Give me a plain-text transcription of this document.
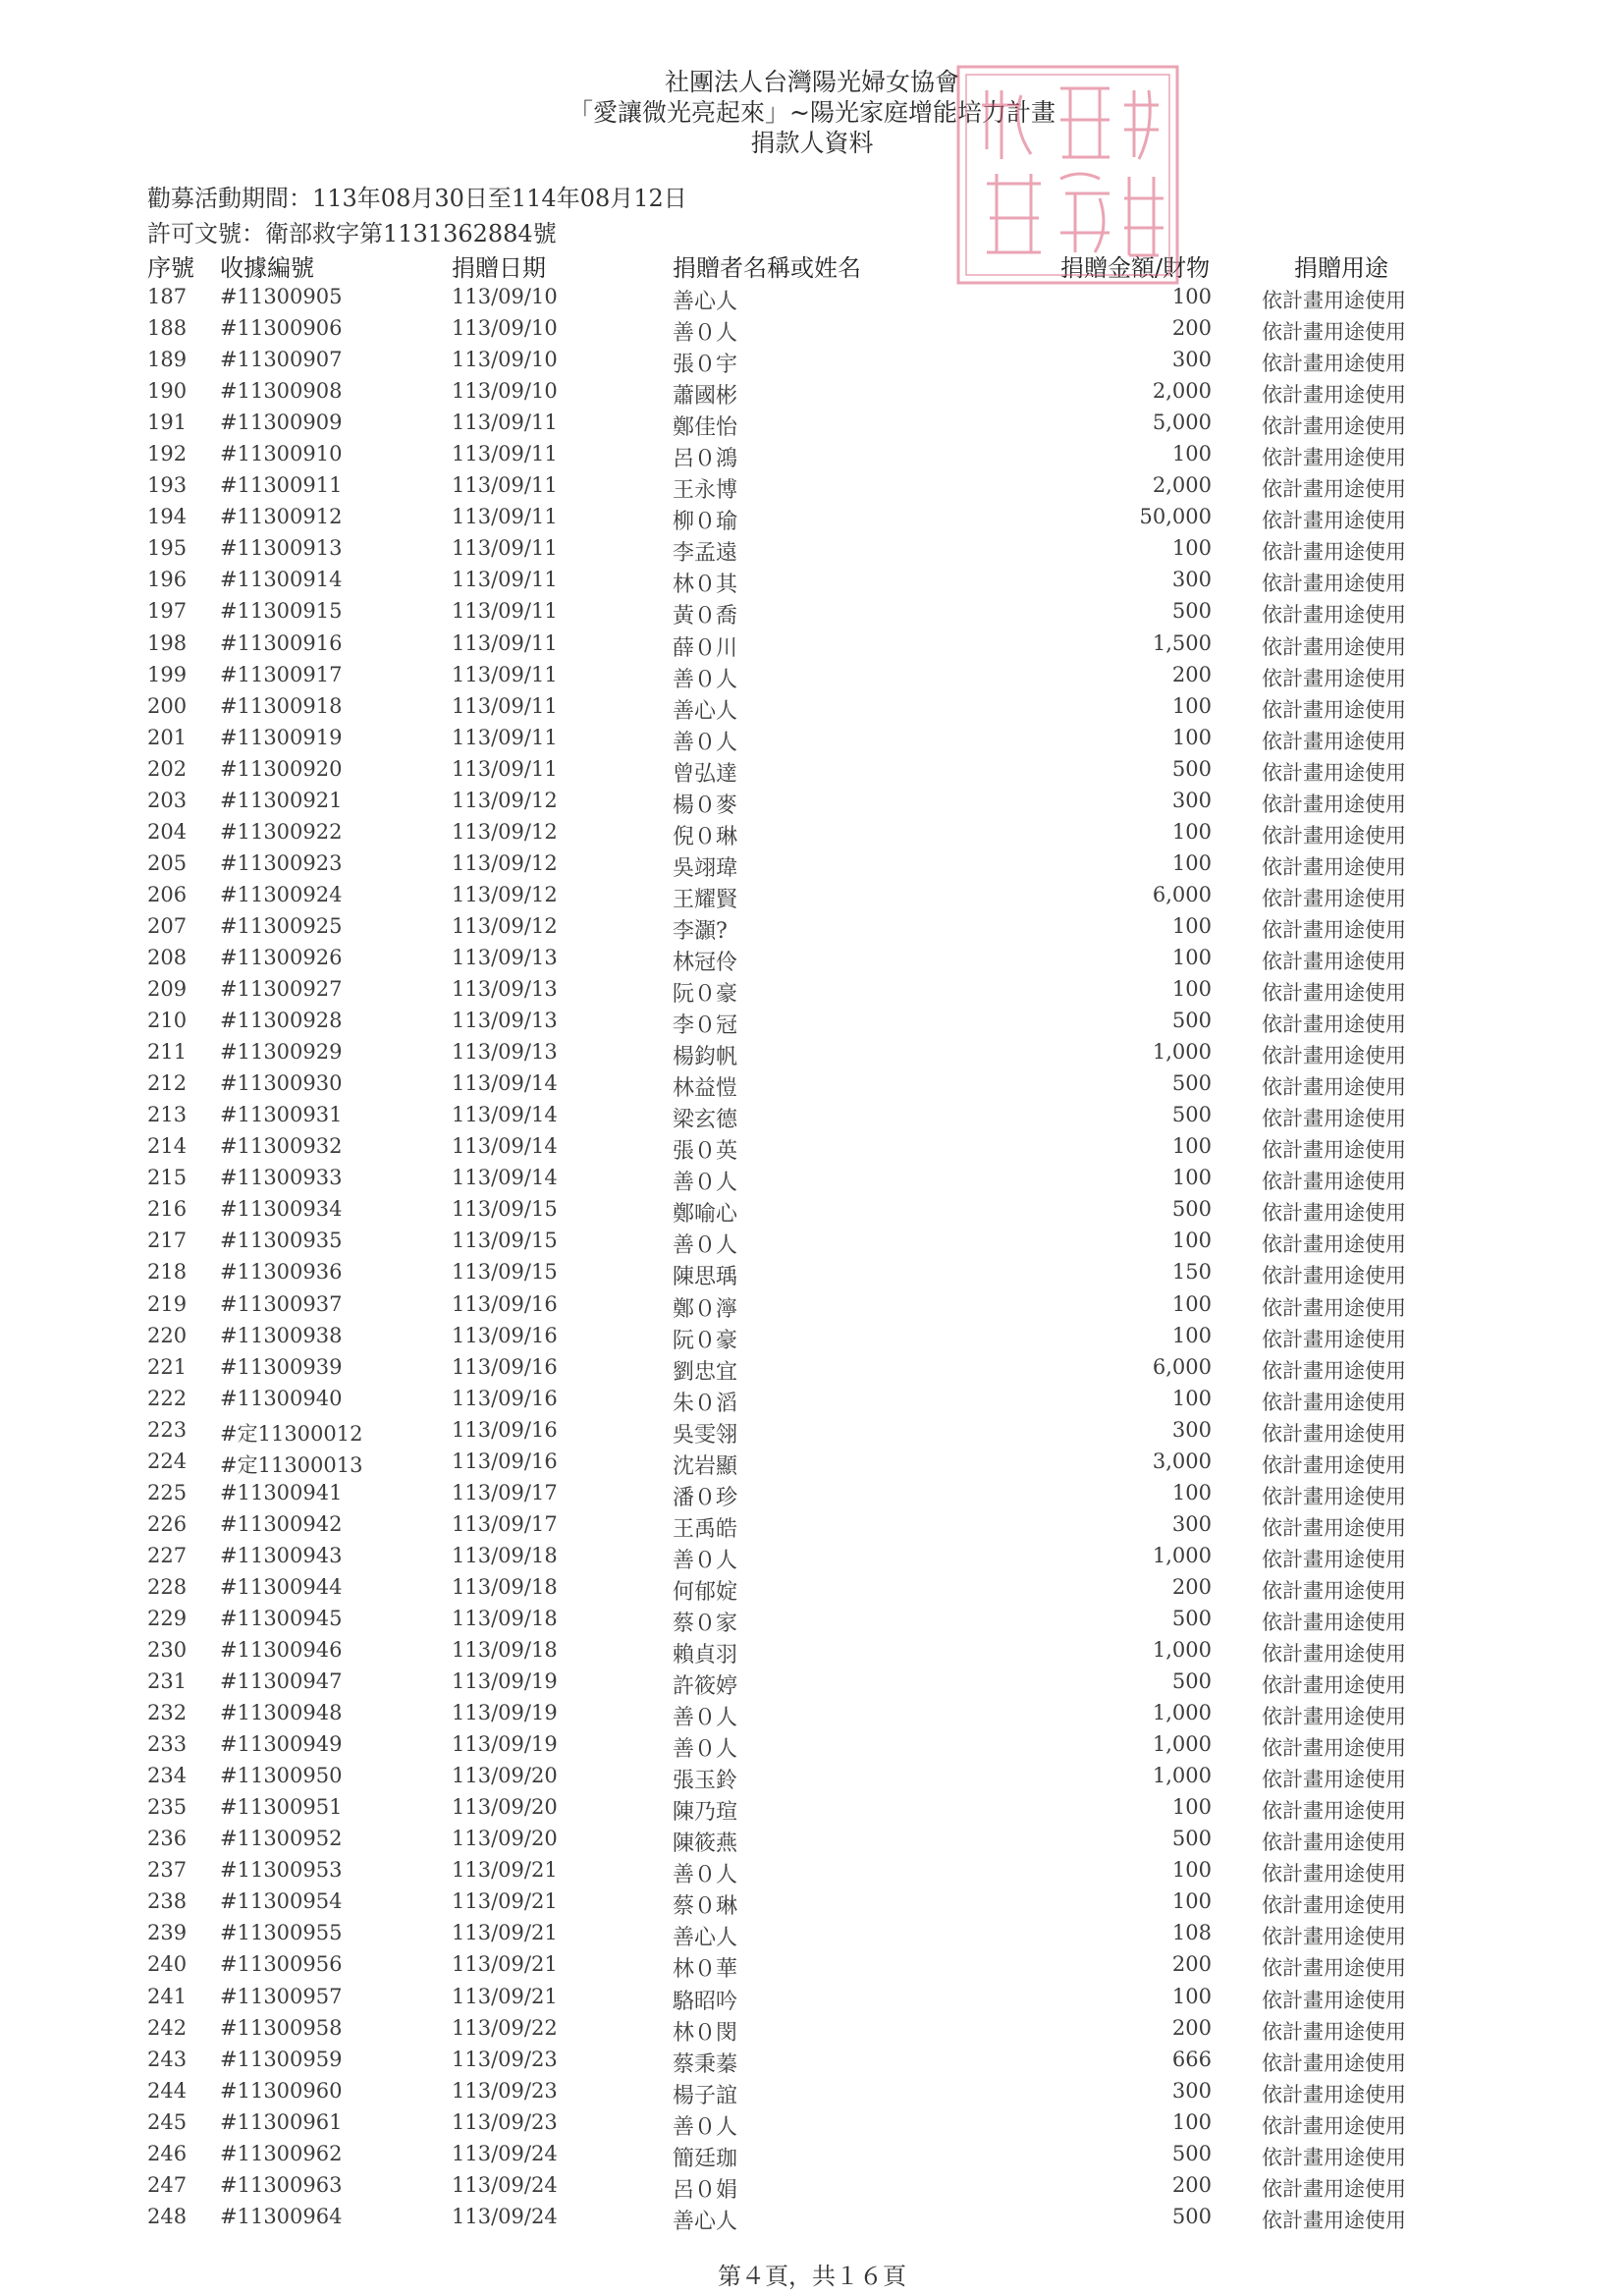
社團法人台灣陽光婦女協會
「愛讓微光亮起來」~陽光家庭增能培力計畫
捐款人資料
勸募活動期間：113年08月30日至114年08月12日
許可文號：衛部救字第1131362884號
序號 收據編號	捐贈日期	捐贈者名稱或姓名	捐贈金額/財物	捐贈用途
187	#11300905	113/09/10	善心人	100 依計畫用途使用
188	#11300906	113/09/10	善０人	200 依計畫用途使用
189	#11300907	113/09/10	張０宇	300 依計畫用途使用
190	#11300908	113/09/10	蕭國彬	2,000 依計畫用途使用
191	#11300909	113/09/11	鄭佳怡	5,000 依計畫用途使用
192	#11300910	113/09/11	呂０鴻	100 依計畫用途使用
193	#11300911	113/09/11	王永博	2,000 依計畫用途使用
194	#11300912	113/09/11	柳０瑜	50,000 依計畫用途使用
195	#11300913	113/09/11	李孟遠	100 依計畫用途使用
196	#11300914	113/09/11	林０其	300 依計畫用途使用
197	#11300915	113/09/11	黃０喬	500 依計畫用途使用
198	#11300916	113/09/11	薛０川	1,500 依計畫用途使用
199	#11300917	113/09/11	善０人	200 依計畫用途使用
200	#11300918	113/09/11	善心人	100 依計畫用途使用
201	#11300919	113/09/11	善０人	100 依計畫用途使用
202	#11300920	113/09/11	曾弘達	500 依計畫用途使用
203	#11300921	113/09/12	楊０麥	300 依計畫用途使用
204	#11300922	113/09/12	倪０琳	100 依計畫用途使用
205	#11300923	113/09/12	吳翊瑋	100 依計畫用途使用
206	#11300924	113/09/12	王耀賢	6,000 依計畫用途使用
207	#11300925	113/09/12	李灝?	100 依計畫用途使用
208	#11300926	113/09/13	林冠伶	100 依計畫用途使用
209	#11300927	113/09/13	阮０豪	100 依計畫用途使用
210	#11300928	113/09/13	李０冠	500 依計畫用途使用
211	#11300929	113/09/13	楊鈞帆	1,000 依計畫用途使用
212	#11300930	113/09/14	林益愷	500 依計畫用途使用
213	#11300931	113/09/14	梁玄德	500 依計畫用途使用
214	#11300932	113/09/14	張０英	100 依計畫用途使用
215	#11300933	113/09/14	善０人	100 依計畫用途使用
216	#11300934	113/09/15	鄭喻心	500 依計畫用途使用
217	#11300935	113/09/15	善０人	100 依計畫用途使用
218	#11300936	113/09/15	陳思瑀	150 依計畫用途使用
219	#11300937	113/09/16	鄭０濘	100 依計畫用途使用
220	#11300938	113/09/16	阮０豪	100 依計畫用途使用
221	#11300939	113/09/16	劉忠宜	6,000 依計畫用途使用
222	#11300940	113/09/16	朱０滔	100 依計畫用途使用
223	#定11300012	113/09/16	吳雯翎	300 依計畫用途使用
224	#定11300013	113/09/16	沈岩顯	3,000 依計畫用途使用
225	#11300941	113/09/17	潘０珍	100 依計畫用途使用
226	#11300942	113/09/17	王禹皓	300 依計畫用途使用
227	#11300943	113/09/18	善０人	1,000 依計畫用途使用
228	#11300944	113/09/18	何郁婝	200 依計畫用途使用
229	#11300945	113/09/18	蔡０家	500 依計畫用途使用
230	#11300946	113/09/18	賴貞羽	1,000 依計畫用途使用
231	#11300947	113/09/19	許筱婷	500 依計畫用途使用
232	#11300948	113/09/19	善０人	1,000 依計畫用途使用
233	#11300949	113/09/19	善０人	1,000 依計畫用途使用
234	#11300950	113/09/20	張玉鈴	1,000 依計畫用途使用
235	#11300951	113/09/20	陳乃瑄	100 依計畫用途使用
236	#11300952	113/09/20	陳筱燕	500 依計畫用途使用
237	#11300953	113/09/21	善０人	100 依計畫用途使用
238	#11300954	113/09/21	蔡０琳	100 依計畫用途使用
239	#11300955	113/09/21	善心人	108 依計畫用途使用
240	#11300956	113/09/21	林０華	200 依計畫用途使用
241	#11300957	113/09/21	駱昭吟	100 依計畫用途使用
242	#11300958	113/09/22	林０閔	200 依計畫用途使用
243	#11300959	113/09/23	蔡秉蓁	666 依計畫用途使用
244	#11300960	113/09/23	楊子誼	300 依計畫用途使用
245	#11300961	113/09/23	善０人	100 依計畫用途使用
246	#11300962	113/09/24	簡廷珈	500 依計畫用途使用
247	#11300963	113/09/24	呂０娟	200 依計畫用途使用
248	#11300964	113/09/24	善心人	500 依計畫用途使用
第４頁，共１６頁
